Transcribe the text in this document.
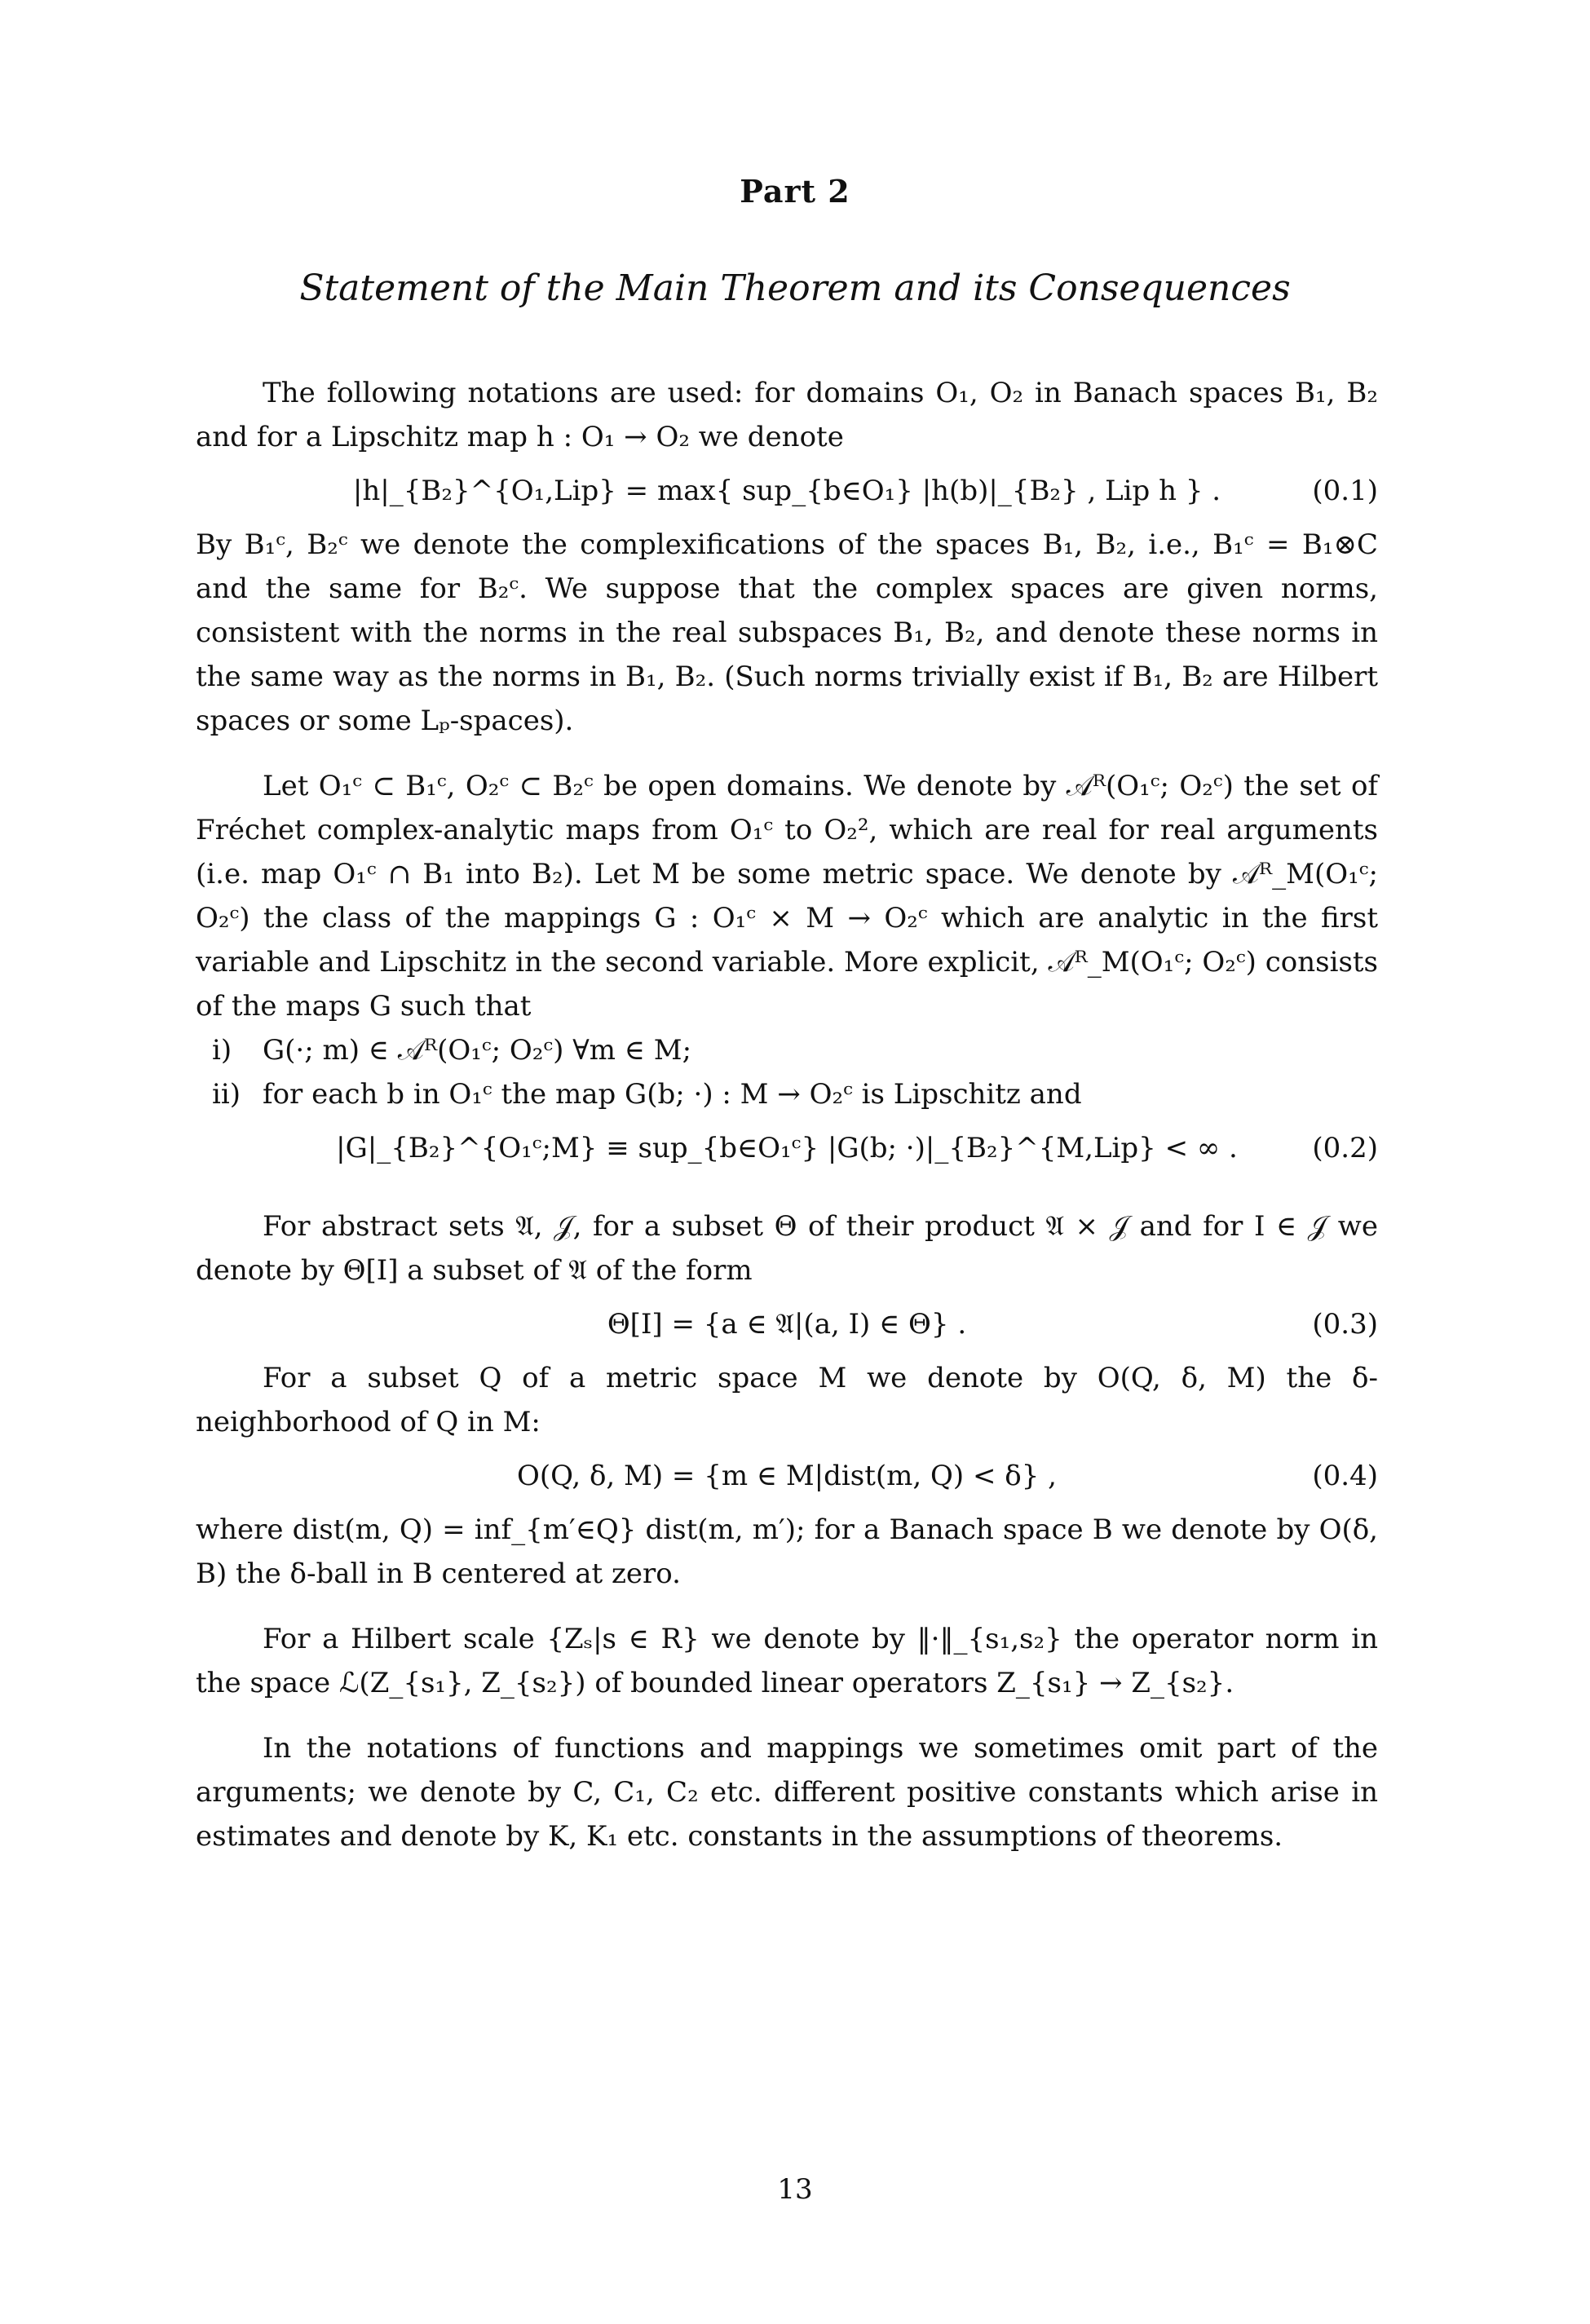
Part 2
Statement of the Main Theorem and its Consequences

The following notations are used: for domains O₁, O₂ in Banach spaces B₁, B₂ and for a Lipschitz map h : O₁ → O₂ we denote

|h|_{B₂}^{O₁,Lip} = max{ sup_{b∈O₁} |h(b)|_{B₂} , Lip h } .	(0.1)

By B₁ᶜ, B₂ᶜ we denote the complexifications of the spaces B₁, B₂, i.e., B₁ᶜ = B₁⊗C and the same for B₂ᶜ. We suppose that the complex spaces are given norms, consistent with the norms in the real subspaces B₁, B₂, and denote these norms in the same way as the norms in B₁, B₂. (Such norms trivially exist if B₁, B₂ are Hilbert spaces or some Lₚ-spaces).

Let O₁ᶜ ⊂ B₁ᶜ, O₂ᶜ ⊂ B₂ᶜ be open domains. We denote by 𝒜ᴿ(O₁ᶜ; O₂ᶜ) the set of Fréchet complex-analytic maps from O₁ᶜ to O₂², which are real for real arguments (i.e. map O₁ᶜ ∩ B₁ into B₂). Let M be some metric space. We denote by 𝒜ᴿ_M(O₁ᶜ; O₂ᶜ) the class of the mappings G : O₁ᶜ × M → O₂ᶜ which are analytic in the first variable and Lipschitz in the second variable. More explicit, 𝒜ᴿ_M(O₁ᶜ; O₂ᶜ) consists of the maps G such that

i) G(·; m) ∈ 𝒜ᴿ(O₁ᶜ; O₂ᶜ) ∀m ∈ M;
ii) for each b in O₁ᶜ the map G(b; ·) : M → O₂ᶜ is Lipschitz and
|G|_{B₂}^{O₁ᶜ;M} ≡ sup_{b∈O₁ᶜ} |G(b; ·)|_{B₂}^{M,Lip} < ∞ .	(0.2)

For abstract sets 𝔄, 𝒥, for a subset Θ of their product 𝔄 × 𝒥 and for I ∈ 𝒥 we denote by Θ[I] a subset of 𝔄 of the form

Θ[I] = {a ∈ 𝔄|(a, I) ∈ Θ} .	(0.3)

For a subset Q of a metric space M we denote by O(Q, δ, M) the δ-neighborhood of Q in M:

O(Q, δ, M) = {m ∈ M|dist(m, Q) < δ} ,	(0.4)

where dist(m, Q) = inf_{m′∈Q} dist(m, m′); for a Banach space B we denote by O(δ, B) the δ-ball in B centered at zero.

For a Hilbert scale {Zₛ|s ∈ R} we denote by ‖·‖_{s₁,s₂} the operator norm in the space ℒ(Z_{s₁}, Z_{s₂}) of bounded linear operators Z_{s₁} → Z_{s₂}.

In the notations of functions and mappings we sometimes omit part of the arguments; we denote by C, C₁, C₂ etc. different positive constants which arise in estimates and denote by K, K₁ etc. constants in the assumptions of theorems.

13
